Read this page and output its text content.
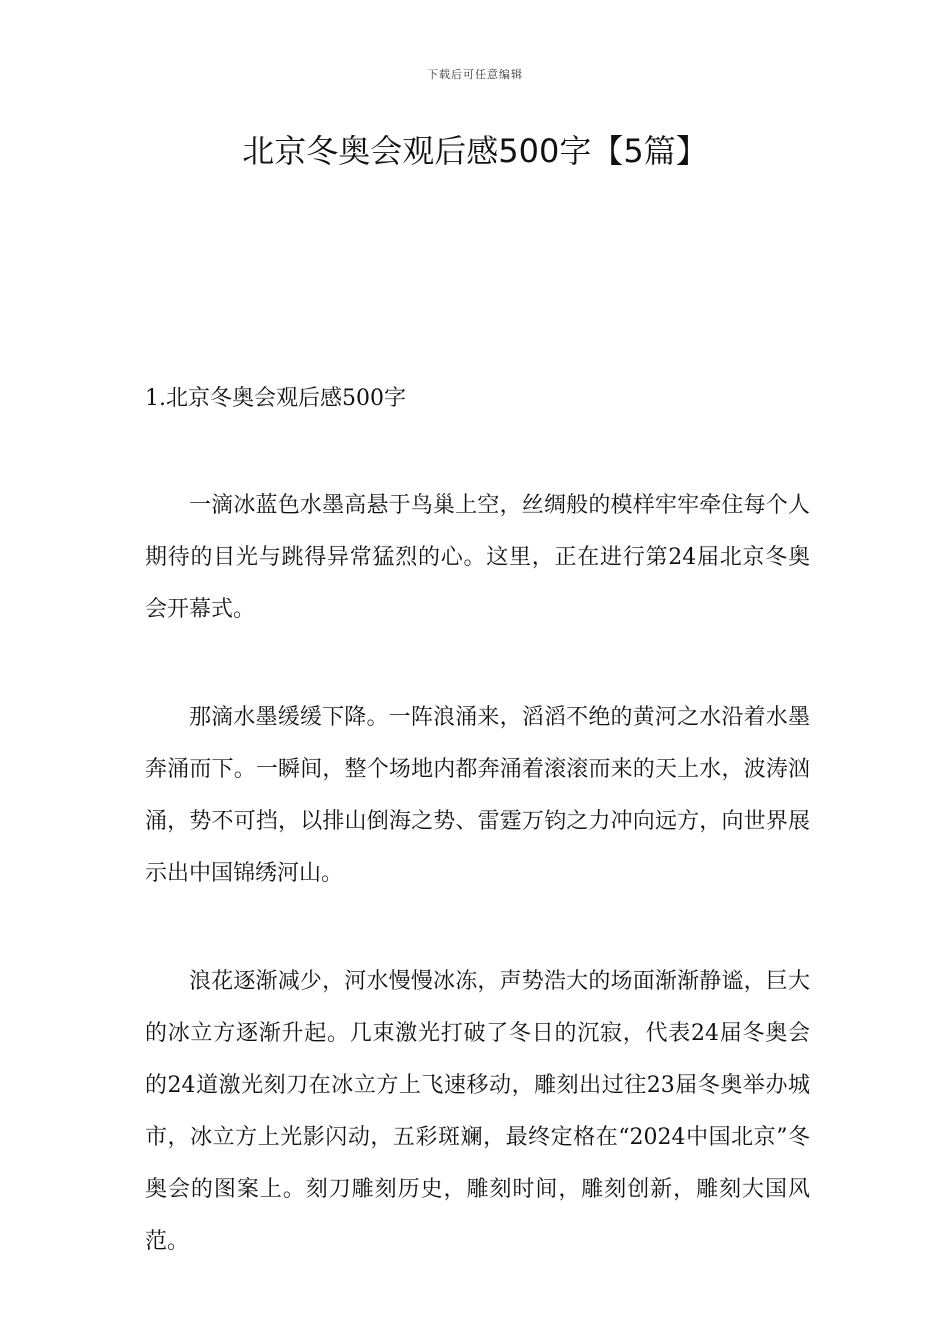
下载后可任意编辑
北京冬奥会观后感500字【5篇】
1.北京冬奥会观后感500字

一滴冰蓝色水墨高悬于鸟巢上空，丝绸般的模样牢牢牵住每个人期待的目光与跳得异常猛烈的心。这里，正在进行第24届北京冬奥会开幕式。

那滴水墨缓缓下降。一阵浪涌来，滔滔不绝的黄河之水沿着水墨奔涌而下。一瞬间，整个场地内都奔涌着滚滚而来的天上水，波涛汹涌，势不可挡，以排山倒海之势、雷霆万钧之力冲向远方，向世界展示出中国锦绣河山。

浪花逐渐减少，河水慢慢冰冻，声势浩大的场面渐渐静谧，巨大的冰立方逐渐升起。几束激光打破了冬日的沉寂，代表24届冬奥会的24道激光刻刀在冰立方上飞速移动，雕刻出过往23届冬奥举办城市，冰立方上光影闪动，五彩斑斓，最终定格在“2024中国北京”冬奥会的图案上。刻刀雕刻历史，雕刻时间，雕刻创新，雕刻大国风范。
